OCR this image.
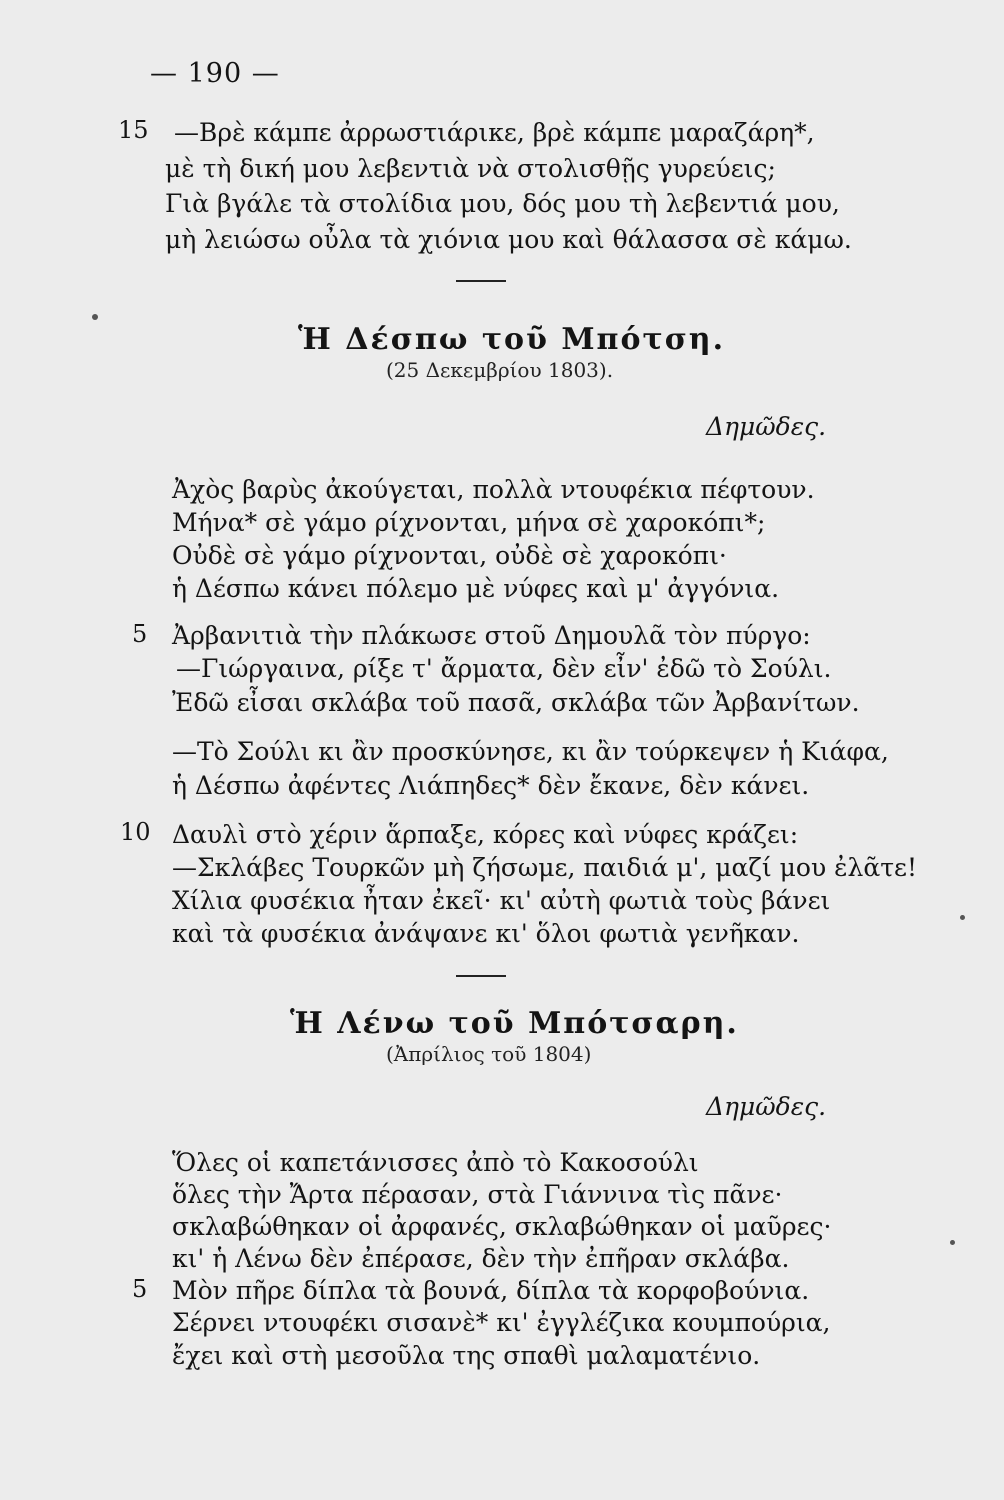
— 190 —
15 —Βρὲ κάμπε ἀρρωστιάρικε, βρὲ κάμπε μαραζάρη*,
μὲ τὴ δική μου λεβεντιὰ νὰ στολισθῇς γυρεύεις;
Γιὰ βγάλε τὰ στολίδια μου, δός μου τὴ λεβεντιά μου,
μὴ λειώσω οὖλα τὰ χιόνια μου καὶ θάλασσα σὲ κάμω.
Ἡ Δέσπω τοῦ Μπότση.
(25 Δεκεμβρίου 1803).
Δημῶδες.
Ἀχὸς βαρὺς ἀκούγεται, πολλὰ ντουφέκια πέφτουν.
Μήνα* σὲ γάμο ρίχνονται, μήνα σὲ χαροκόπι*;
Οὐδὲ σὲ γάμο ρίχνονται, οὐδὲ σὲ χαροκόπι·
ἡ Δέσπω κάνει πόλεμο μὲ νύφες καὶ μ' ἀγγόνια.
5 Ἀρβανιτιὰ τὴν πλάκωσε στοῦ Δημουλᾶ τὸν πύργο:
—Γιώργαινα, ρίξε τ' ἄρματα, δὲν εἶν' ἐδῶ τὸ Σούλι.
Ἐδῶ εἶσαι σκλάβα τοῦ πασᾶ, σκλάβα τῶν Ἀρβανίτων.
—Τὸ Σούλι κι ἂν προσκύνησε, κι ἂν τούρκεψεν ἡ Κιάφα,
ἡ Δέσπω ἀφέντες Λιάπηδες* δὲν ἔκανε, δὲν κάνει.
10 Δαυλὶ στὸ χέριν ἅρπαξε, κόρες καὶ νύφες κράζει:
—Σκλάβες Τουρκῶν μὴ ζήσωμε, παιδιά μ', μαζί μου ἐλᾶτε!
Χίλια φυσέκια ἦταν ἐκεῖ· κι' αὐτὴ φωτιὰ τοὺς βάνει
καὶ τὰ φυσέκια ἀνάψανε κι' ὅλοι φωτιὰ γενῆκαν.
Ἡ Λένω τοῦ Μπότσαρη.
(Ἀπρίλιος τοῦ 1804)
Δημῶδες.
Ὅλες οἱ καπετάνισσες ἀπὸ τὸ Κακοσούλι
ὅλες τὴν Ἄρτα πέρασαν, στὰ Γιάννινα τὶς πᾶνε·
σκλαβώθηκαν οἱ ἀρφανές, σκλαβώθηκαν οἱ μαῦρες·
κι' ἡ Λένω δὲν ἐπέρασε, δὲν τὴν ἐπῆραν σκλάβα.
5 Μὸν πῆρε δίπλα τὰ βουνά, δίπλα τὰ κορφοβούνια.
Σέρνει ντουφέκι σισανὲ* κι' ἐγγλέζικα κουμπούρια,
ἔχει καὶ στὴ μεσοῦλα της σπαθὶ μαλαματένιο.
